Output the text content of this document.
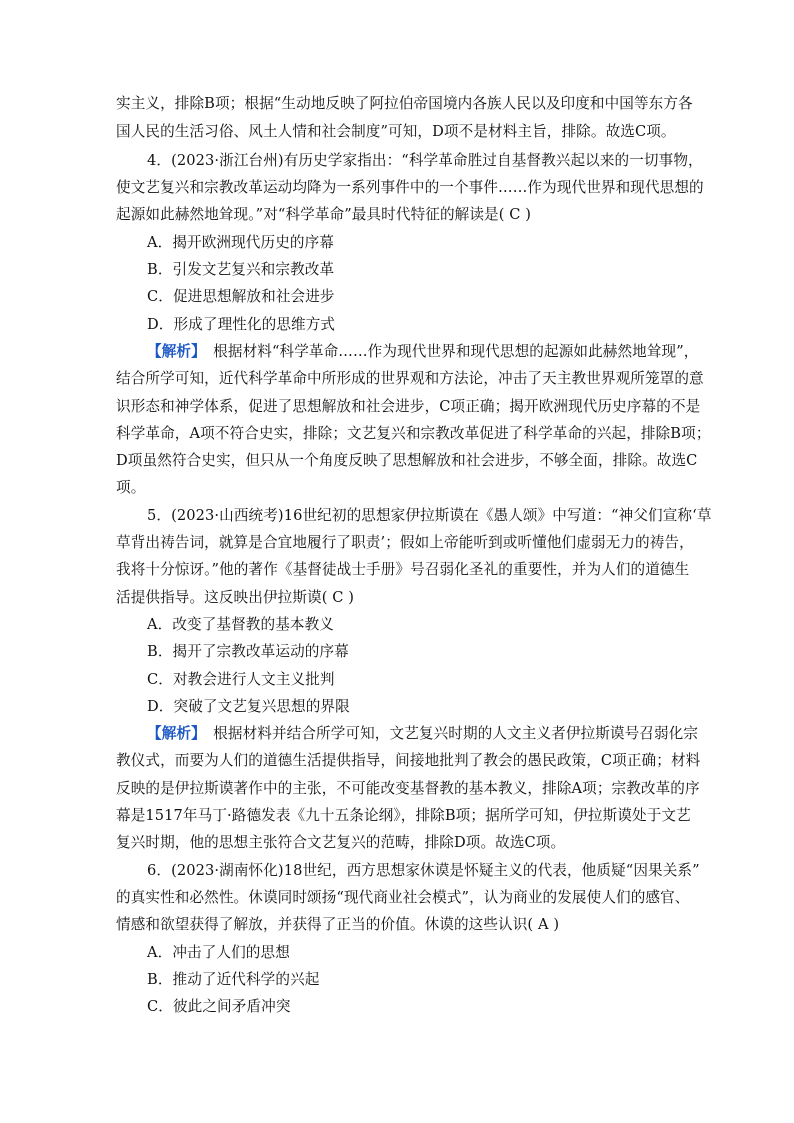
实主义，排除B项；根据“生动地反映了阿拉伯帝国境内各族人民以及印度和中国等东方各
国人民的生活习俗、风土人情和社会制度”可知，D项不是材料主旨，排除。故选C项。
4．(2023·浙江台州)有历史学家指出：“科学革命胜过自基督教兴起以来的一切事物，
使文艺复兴和宗教改革运动均降为一系列事件中的一个事件……作为现代世界和现代思想的
起源如此赫然地耸现。”对“科学革命”最具时代特征的解读是( C )
A．揭开欧洲现代历史的序幕
B．引发文艺复兴和宗教改革
C．促进思想解放和社会进步
D．形成了理性化的思维方式
【解析】　根据材料“科学革命……作为现代世界和现代思想的起源如此赫然地耸现”，
结合所学可知，近代科学革命中所形成的世界观和方法论，冲击了天主教世界观所笼罩的意
识形态和神学体系，促进了思想解放和社会进步，C项正确；揭开欧洲现代历史序幕的不是
科学革命，A项不符合史实，排除；文艺复兴和宗教改革促进了科学革命的兴起，排除B项；
D项虽然符合史实，但只从一个角度反映了思想解放和社会进步，不够全面，排除。故选C
项。
5．(2023·山西统考)16世纪初的思想家伊拉斯谟在《愚人颂》中写道：“神父们宣称‘草
草背出祷告词，就算是合宜地履行了职责’；假如上帝能听到或听懂他们虚弱无力的祷告，
我将十分惊讶。”他的著作《基督徒战士手册》号召弱化圣礼的重要性，并为人们的道德生
活提供指导。这反映出伊拉斯谟( C )
A．改变了基督教的基本教义
B．揭开了宗教改革运动的序幕
C．对教会进行人文主义批判
D．突破了文艺复兴思想的界限
【解析】　根据材料并结合所学可知，文艺复兴时期的人文主义者伊拉斯谟号召弱化宗
教仪式，而要为人们的道德生活提供指导，间接地批判了教会的愚民政策，C项正确；材料
反映的是伊拉斯谟著作中的主张，不可能改变基督教的基本教义，排除A项；宗教改革的序
幕是1517年马丁·路德发表《九十五条论纲》，排除B项；据所学可知，伊拉斯谟处于文艺
复兴时期，他的思想主张符合文艺复兴的范畴，排除D项。故选C项。
6．(2023·湖南怀化)18世纪，西方思想家休谟是怀疑主义的代表，他质疑“因果关系”
的真实性和必然性。休谟同时颂扬“现代商业社会模式”，认为商业的发展使人们的感官、
情感和欲望获得了解放，并获得了正当的价值。休谟的这些认识( A )
A．冲击了人们的思想
B．推动了近代科学的兴起
C．彼此之间矛盾冲突
